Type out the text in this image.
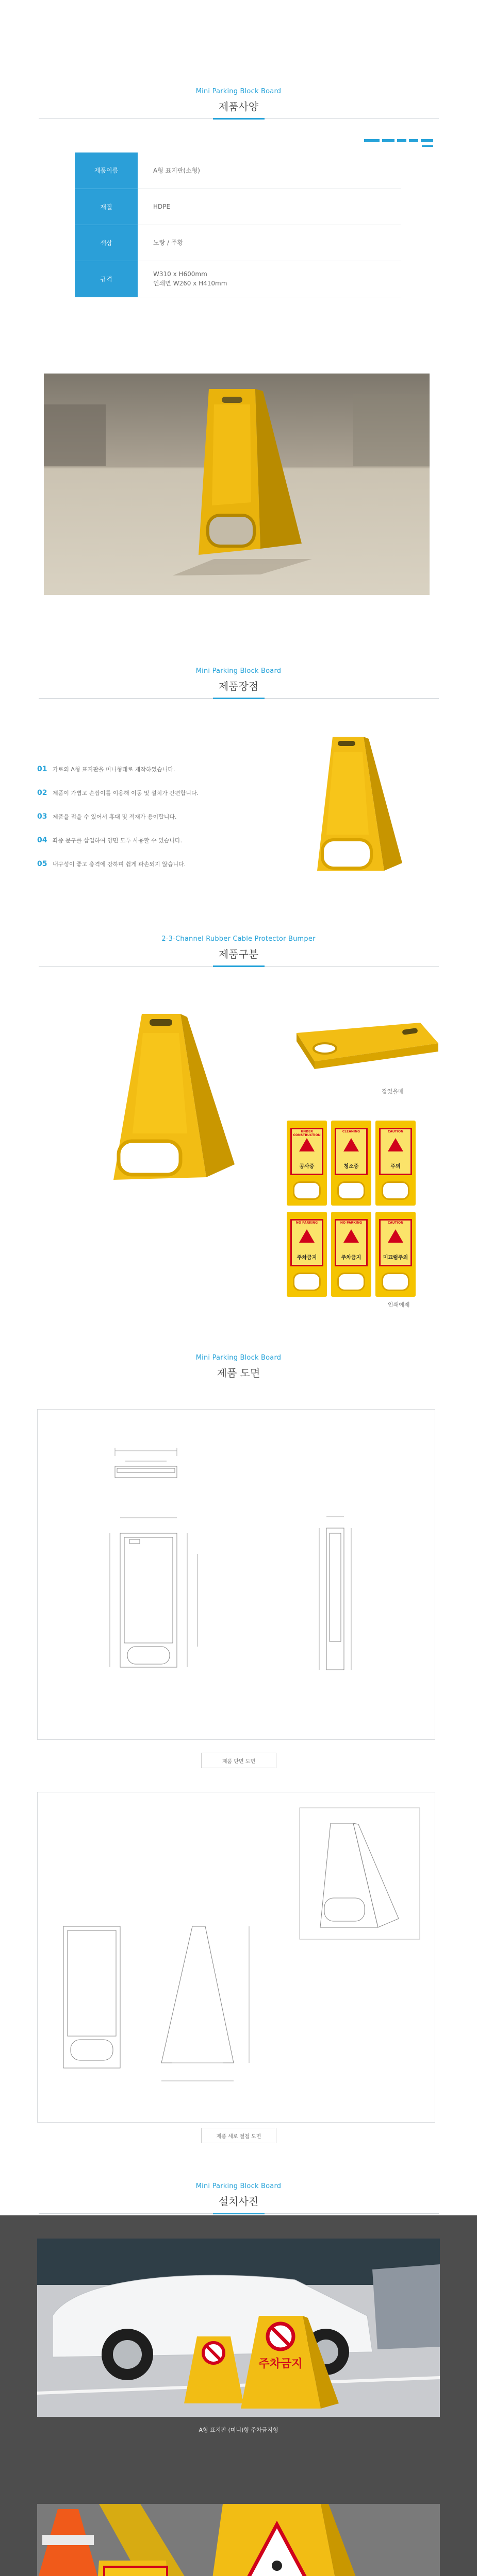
Mini Parking Block Board
제품사양
제품이름	A형 표지판(소형)
재질	HDPE
색상	노랑 / 주황
규격	W310 x H600mm
인쇄면 W260 x H410mm
Mini Parking Block Board
제품장점
01 가로의 A형 표지판을 미니형태로 제작하였습니다.
02 제품이 가볍고 손잡이를 이용해 이동 및 설치가 간편합니다.
03 제품을 접을 수 있어서 휴대 및 적재가 용이합니다.
04 좌종 문구를 삽입하여 양면 모두 사용할 수 있습니다.
05 내구성이 좋고 충격에 강하며 쉽게 파손되지 않습니다.
2-3-Channel Rubber Cable Protector Bumper
제품구분
접었을때
UNDER CONSTRUCTION
공사중
CLEANING
청소중
CAUTION
주의
NO PARKING
주차금지
NO PARKING
주차금지
CAUTION
미끄럼주의
인쇄예제
Mini Parking Block Board
제품 도면
제품 단면 도면
제품 세로 절첩 도면
Mini Parking Block Board
설치사진
주차금지
A형 표지판 (미니)형 주차금지형
